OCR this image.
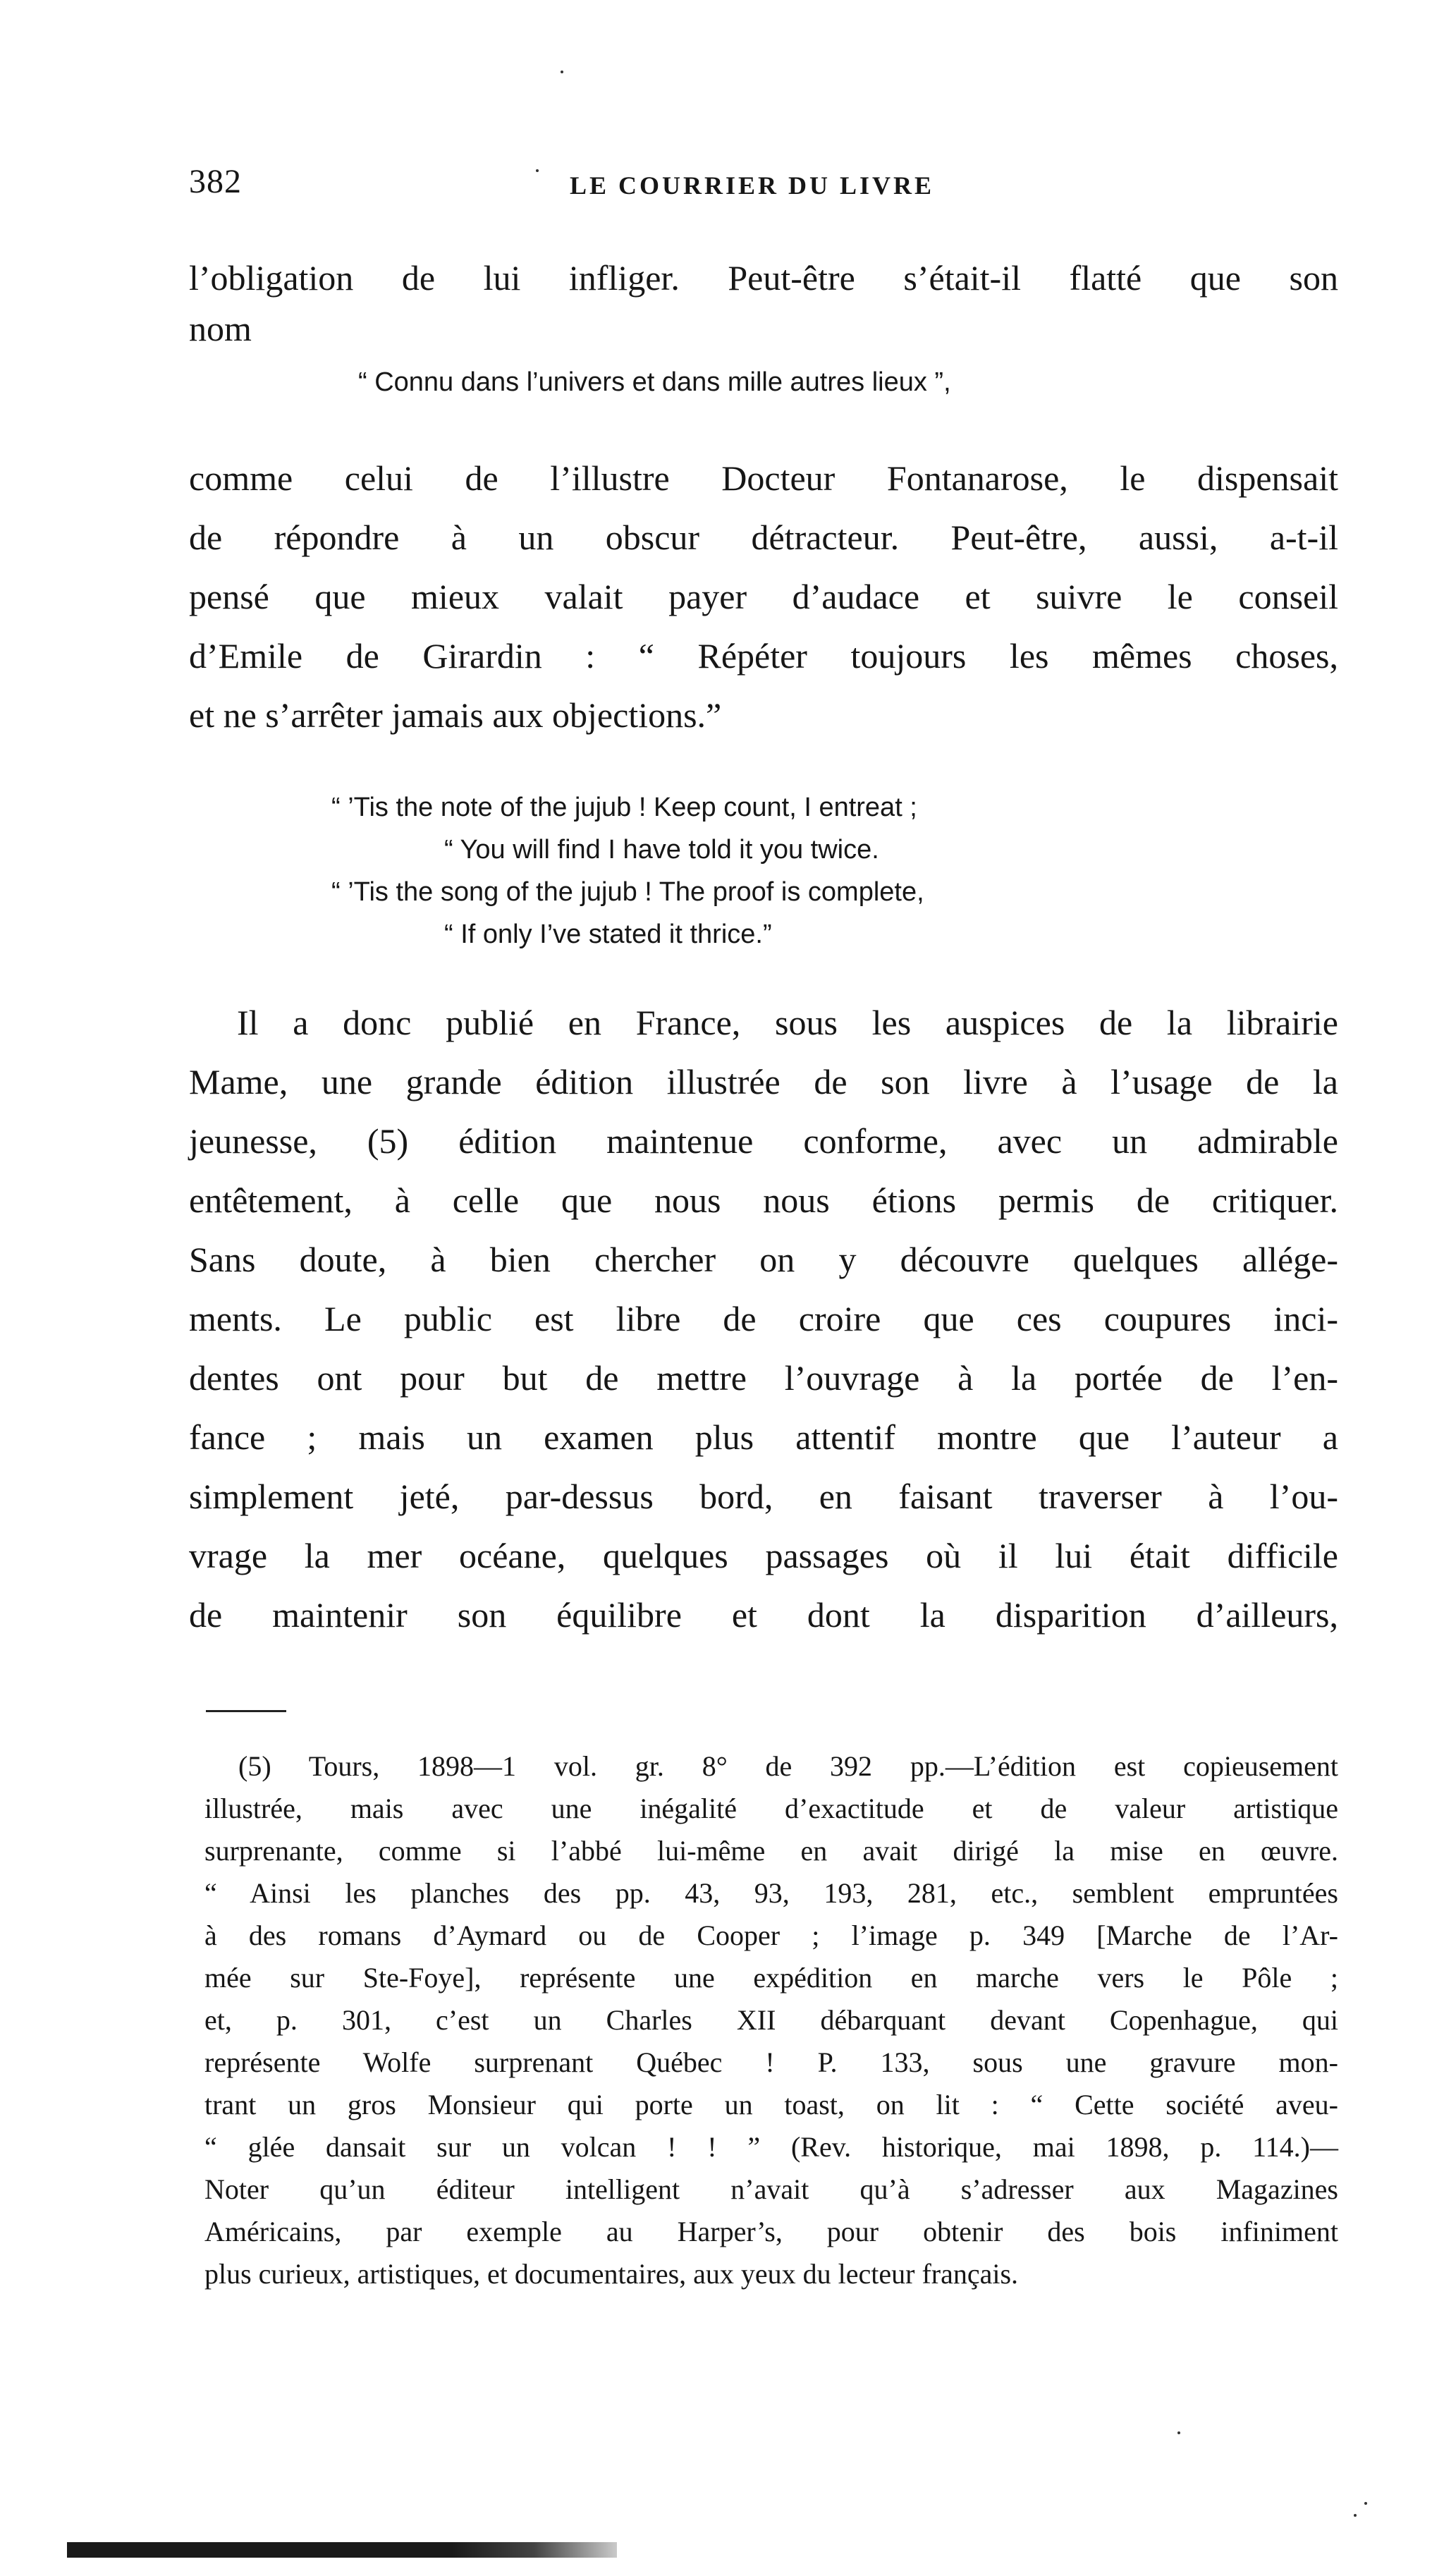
382	LE COURRIER DU LIVRE
l’obligation de lui infliger. Peut-être s’était-il flatté que son
nom
“ Connu dans l’univers et dans mille autres lieux ”,
comme celui de l’illustre Docteur Fontanarose, le dispensait
de répondre à un obscur détracteur. Peut-être, aussi, a-t-il
pensé que mieux valait payer d’audace et suivre le conseil
d’Emile de Girardin : “ Répéter toujours les mêmes choses,
et ne s’arrêter jamais aux objections.”
“ ’Tis the note of the jujub ! Keep count, I entreat ;
“ You will find I have told it you twice.
“ ’Tis the song of the jujub ! The proof is complete,
“ If only I’ve stated it thrice.”
Il a donc publié en France, sous les auspices de la librairie
Mame, une grande édition illustrée de son livre à l’usage de la
jeunesse, (5) édition maintenue conforme, avec un admirable
entêtement, à celle que nous nous étions permis de critiquer.
Sans doute, à bien chercher on y découvre quelques allége-
ments. Le public est libre de croire que ces coupures inci-
dentes ont pour but de mettre l’ouvrage à la portée de l’en-
fance ; mais un examen plus attentif montre que l’auteur a
simplement jeté, par-dessus bord, en faisant traverser à l’ou-
vrage la mer océane, quelques passages où il lui était difficile
de maintenir son équilibre et dont la disparition d’ailleurs,
(5) Tours, 1898—1 vol. gr. 8° de 392 pp.—L’édition est copieusement
illustrée, mais avec une inégalité d’exactitude et de valeur artistique
surprenante, comme si l’abbé lui-même en avait dirigé la mise en œuvre.
“ Ainsi les planches des pp. 43, 93, 193, 281, etc., semblent empruntées
à des romans d’Aymard ou de Cooper ; l’image p. 349 [Marche de l’Ar-
mée sur Ste-Foye], représente une expédition en marche vers le Pôle ;
et, p. 301, c’est un Charles XII débarquant devant Copenhague, qui
représente Wolfe surprenant Québec ! P. 133, sous une gravure mon-
trant un gros Monsieur qui porte un toast, on lit : “ Cette société aveu-
“ glée dansait sur un volcan ! ! ” (Rev. historique, mai 1898, p. 114.)—
Noter qu’un éditeur intelligent n’avait qu’à s’adresser aux Magazines
Américains, par exemple au Harper’s, pour obtenir des bois infiniment
plus curieux, artistiques, et documentaires, aux yeux du lecteur français.
